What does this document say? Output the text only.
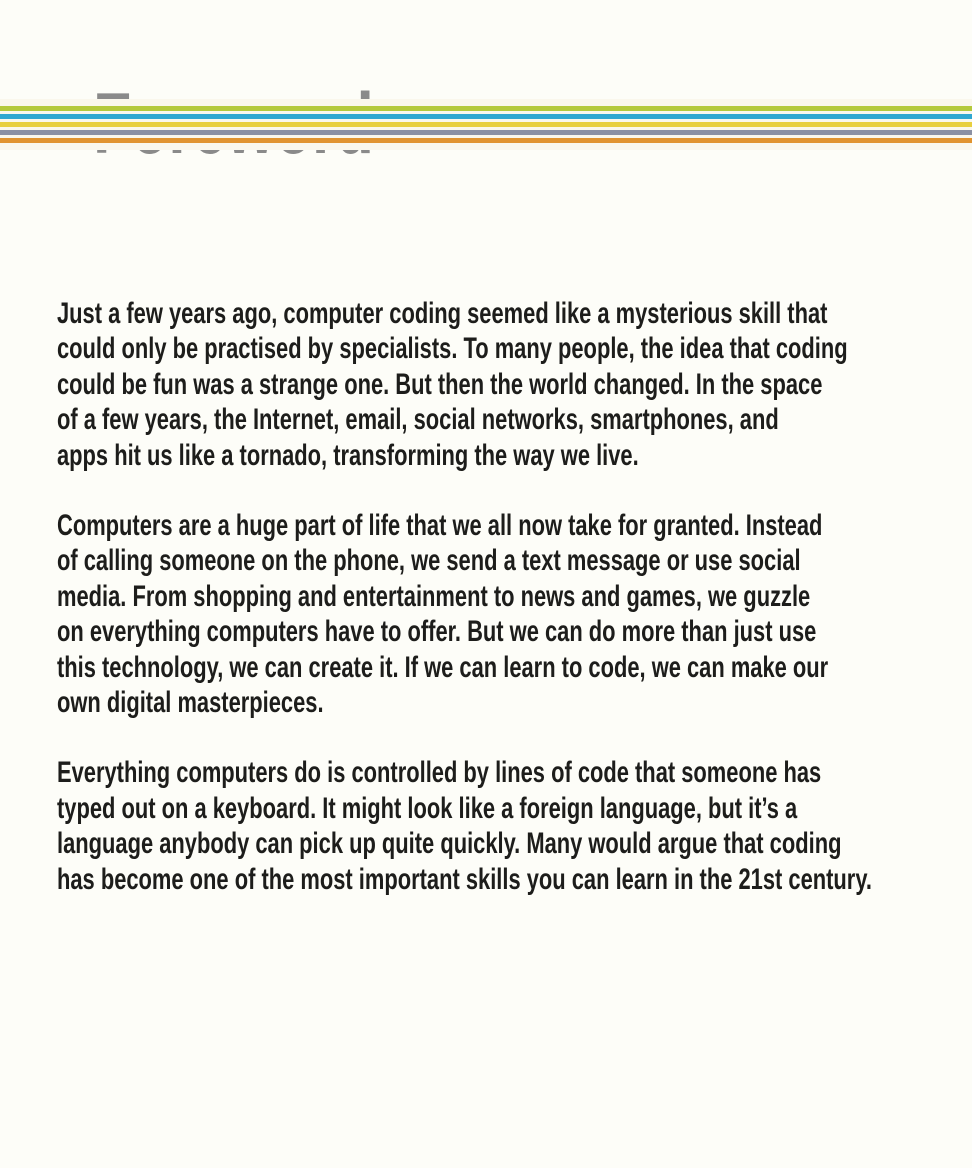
Just a few years ago, computer coding seemed like a mysterious skill that
could only be practised by specialists. To many people, the idea that coding
could be fun was a strange one. But then the world changed. In the space
of a few years, the Internet, email, social networks, smartphones, and
apps hit us like a tornado, transforming the way we live.
Computers are a huge part of life that we all now take for granted. Instead
of calling someone on the phone, we send a text message or use social
media. From shopping and entertainment to news and games, we guzzle
on everything computers have to offer. But we can do more than just use
this technology, we can create it. If we can learn to code, we can make our
own digital masterpieces.
Everything computers do is controlled by lines of code that someone has
typed out on a keyboard. It might look like a foreign language, but it’s a
language anybody can pick up quite quickly. Many would argue that coding
has become one of the most important skills you can learn in the 21st century.
